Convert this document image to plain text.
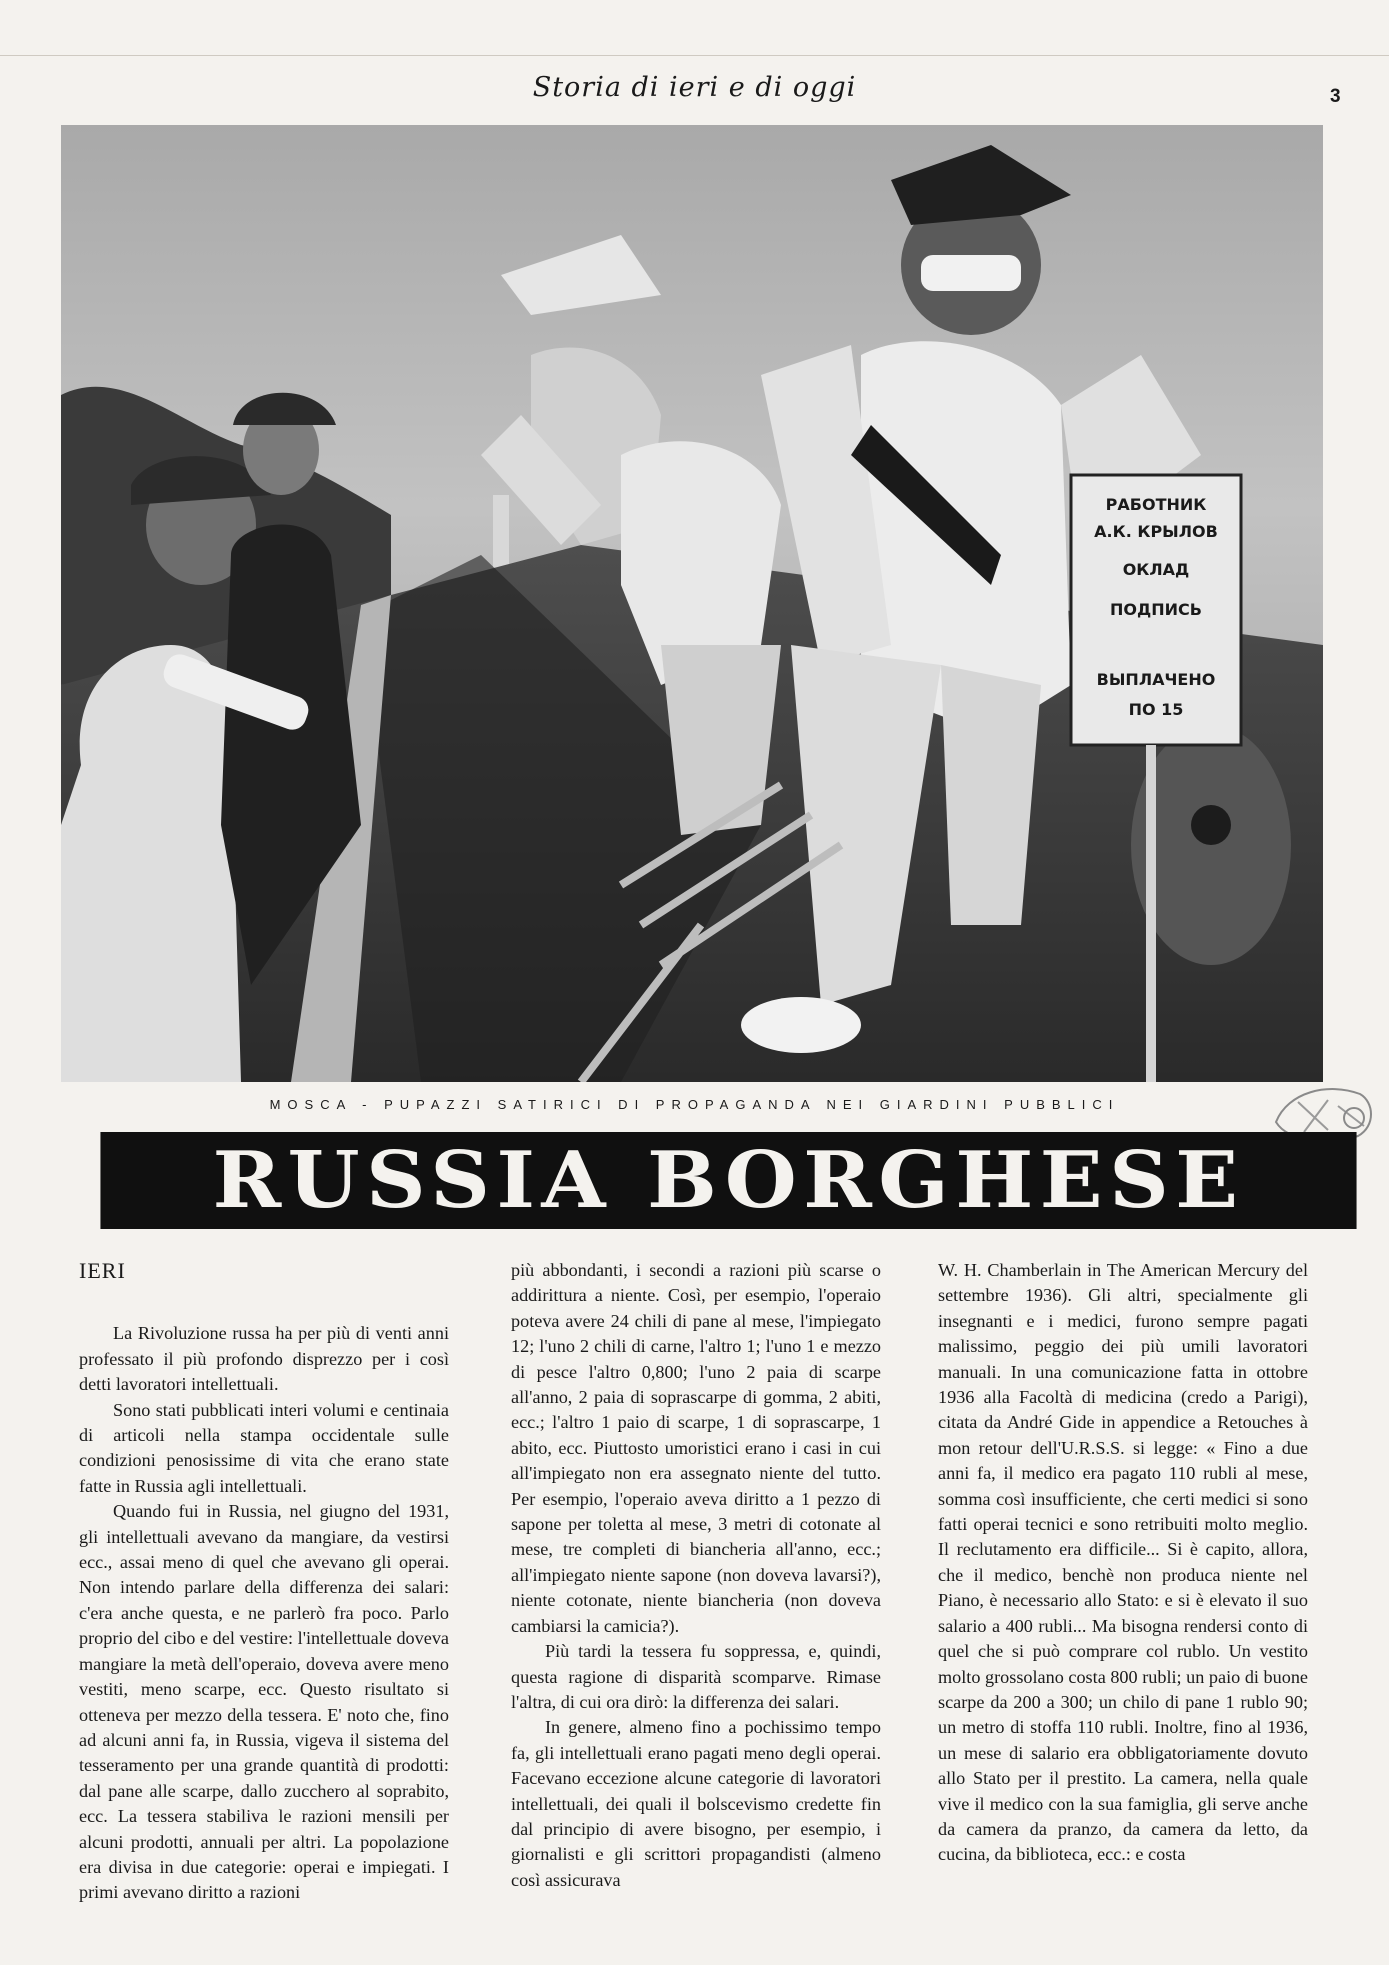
Storia di ieri e di oggi	3
РАБОТНИК
А.К. КРЫЛОВ
ОКЛАД
ПОДПИСЬ
ВЫПЛАЧЕНО
ПО 15
MOSCA - PUPAZZI SATIRICI DI PROPAGANDA NEI GIARDINI PUBBLICI
RUSSIA BORGHESE
IERI

La Rivoluzione russa ha per più di venti anni professato il più profondo disprezzo per i così detti lavoratori intellettuali.

Sono stati pubblicati interi volumi e centinaia di articoli nella stampa occidentale sulle condizioni penosissime di vita che erano state fatte in Russia agli intellettuali.

Quando fui in Russia, nel giugno del 1931, gli intellettuali avevano da mangiare, da vestirsi ecc., assai meno di quel che avevano gli operai. Non intendo parlare della differenza dei salari: c'era anche questa, e ne parlerò fra poco. Parlo proprio del cibo e del vestire: l'intellettuale doveva mangiare la metà dell'operaio, doveva avere meno vestiti, meno scarpe, ecc. Questo risultato si otteneva per mezzo della tessera. E' noto che, fino ad alcuni anni fa, in Russia, vigeva il sistema del tesseramento per una grande quantità di prodotti: dal pane alle scarpe, dallo zucchero al soprabito, ecc. La tessera stabiliva le razioni mensili per alcuni prodotti, annuali per altri. La popolazione era divisa in due categorie: operai e impiegati. I primi avevano diritto a razioni

più abbondanti, i secondi a razioni più scarse o addirittura a niente. Così, per esempio, l'operaio poteva avere 24 chili di pane al mese, l'impiegato 12; l'uno 2 chili di carne, l'altro 1; l'uno 1 e mezzo di pesce l'altro 0,800; l'uno 2 paia di scarpe all'anno, 2 paia di soprascarpe di gomma, 2 abiti, ecc.; l'altro 1 paio di scarpe, 1 di soprascarpe, 1 abito, ecc. Piuttosto umoristici erano i casi in cui all'impiegato non era assegnato niente del tutto. Per esempio, l'operaio aveva diritto a 1 pezzo di sapone per toletta al mese, 3 metri di cotonate al mese, tre completi di biancheria all'anno, ecc.; all'impiegato niente sapone (non doveva lavarsi?), niente cotonate, niente biancheria (non doveva cambiarsi la camicia?).

Più tardi la tessera fu soppressa, e, quindi, questa ragione di disparità scomparve. Rimase l'altra, di cui ora dirò: la differenza dei salari.

In genere, almeno fino a pochissimo tempo fa, gli intellettuali erano pagati meno degli operai. Facevano eccezione alcune categorie di lavoratori intellettuali, dei quali il bolscevismo credette fin dal principio di avere bisogno, per esempio, i giornalisti e gli scrittori propagandisti (almeno così assicurava

W. H. Chamberlain in The American Mercury del settembre 1936). Gli altri, specialmente gli insegnanti e i medici, furono sempre pagati malissimo, peggio dei più umili lavoratori manuali. In una comunicazione fatta in ottobre 1936 alla Facoltà di medicina (credo a Parigi), citata da André Gide in appendice a Retouches à mon retour dell'U.R.S.S. si legge: « Fino a due anni fa, il medico era pagato 110 rubli al mese, somma così insufficiente, che certi medici si sono fatti operai tecnici e sono retribuiti molto meglio. Il reclutamento era difficile... Si è capito, allora, che il medico, benchè non produca niente nel Piano, è necessario allo Stato: e si è elevato il suo salario a 400 rubli... Ma bisogna rendersi conto di quel che si può comprare col rublo. Un vestito molto grossolano costa 800 rubli; un paio di buone scarpe da 200 a 300; un chilo di pane 1 rublo 90; un metro di stoffa 110 rubli. Inoltre, fino al 1936, un mese di salario era obbligatoriamente dovuto allo Stato per il prestito. La camera, nella quale vive il medico con la sua famiglia, gli serve anche da camera da pranzo, da camera da letto, da cucina, da biblioteca, ecc.: e costa
